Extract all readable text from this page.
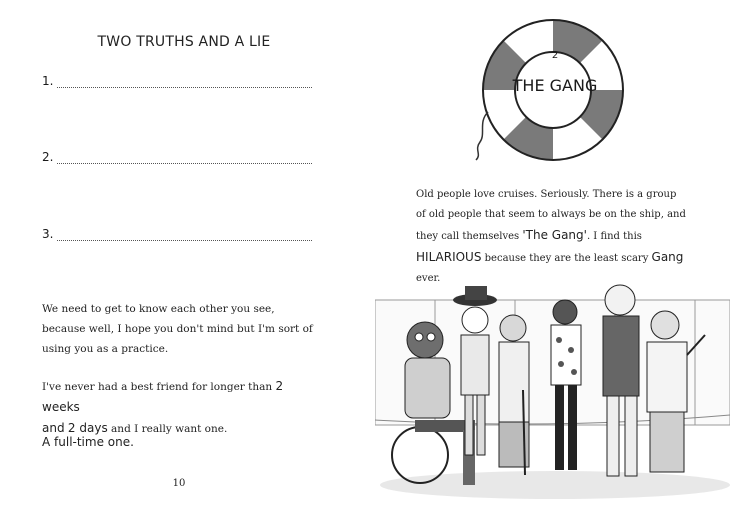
TWO TRUTHS AND A LIE
1.
2.
3.
We need to get to know each other you see, because well, I hope you don't mind but I'm sort of using you as a practice.
I've never had a best friend for longer than 2 weeks
and 2 days and I really want one.
A full-time one.
10
2
THE GANG
Old people love cruises. Seriously. There is a group of old people that seem to always be on the ship, and they call themselves 'The Gang'. I find this HILARIOUS because they are the least scary Gang ever.
